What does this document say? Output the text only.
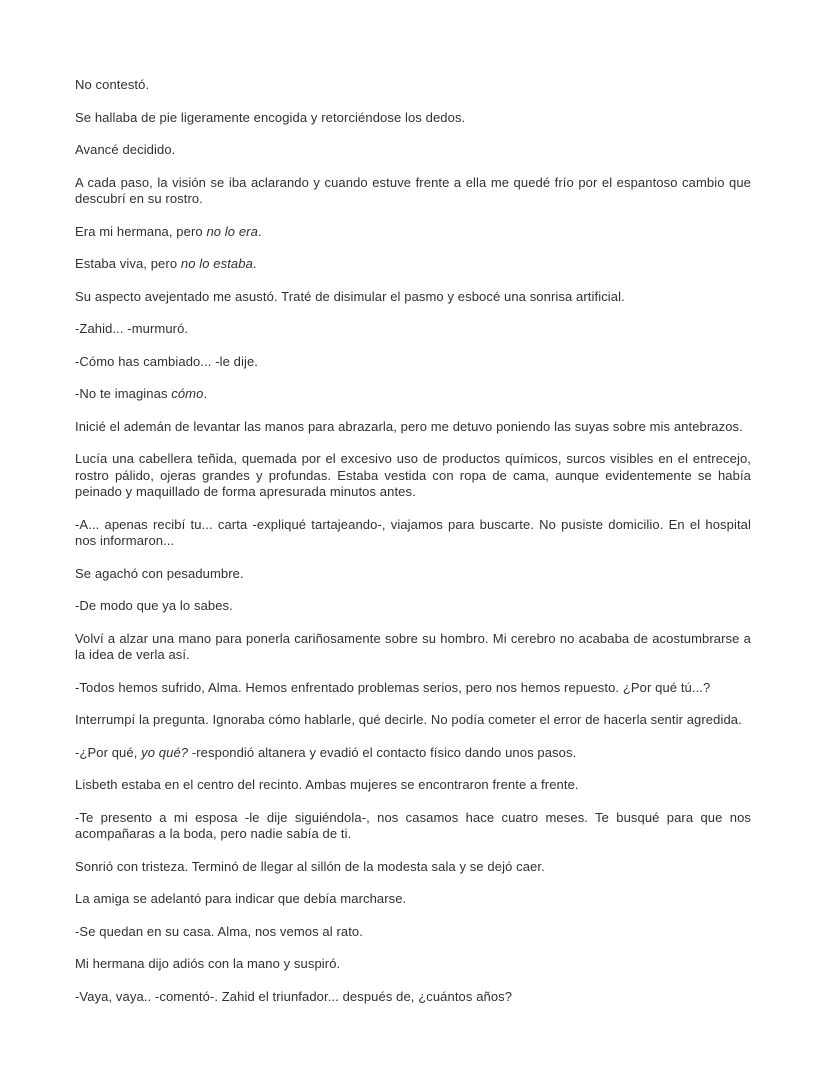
No contestó.

Se hallaba de pie ligeramente encogida y retorciéndose los dedos.

Avancé decidido.

A cada paso, la visión se iba aclarando y cuando estuve frente a ella me quedé frío por el espantoso cambio que descubrí en su rostro.

Era mi hermana, pero no lo era.

Estaba viva, pero no lo estaba.

Su aspecto avejentado me asustó. Traté de disimular el pasmo y esbocé una sonrisa artificial.

-Zahid... -murmuró.

-Cómo has cambiado... -le dije.

-No te imaginas cómo.

Inicié el ademán de levantar las manos para abrazarla, pero me detuvo poniendo las suyas sobre mis antebrazos.

Lucía una cabellera teñida, quemada por el excesivo uso de productos químicos, surcos visibles en el entrecejo, rostro pálido, ojeras grandes y profundas. Estaba vestida con ropa de cama, aunque evidentemente se había peinado y maquillado de forma apresurada minutos antes.

-A... apenas recibí tu... carta -expliqué tartajeando-, viajamos para buscarte. No pusiste domicilio. En el hospital nos informaron...

Se agachó con pesadumbre.

-De modo que ya lo sabes.

Volví a alzar una mano para ponerla cariñosamente sobre su hombro. Mi cerebro no acababa de acostumbrarse a la idea de verla así.

-Todos hemos sufrido, Alma. Hemos enfrentado problemas serios, pero nos hemos repuesto. ¿Por qué tú...?

Interrumpí la pregunta. Ignoraba cómo hablarle, qué decirle. No podía cometer el error de hacerla sentir agredida.

-¿Por qué, yo qué? -respondió altanera y evadió el contacto físico dando unos pasos.

Lisbeth estaba en el centro del recinto. Ambas mujeres se encontraron frente a frente.

-Te presento a mi esposa -le dije siguiéndola-, nos casamos hace cuatro meses. Te busqué para que nos acompañaras a la boda, pero nadie sabía de ti.

Sonrió con tristeza. Terminó de llegar al sillón de la modesta sala y se dejó caer.

La amiga se adelantó para indicar que debía marcharse.

-Se quedan en su casa. Alma, nos vemos al rato.

Mi hermana dijo adiós con la mano y suspiró.

-Vaya, vaya.. -comentó-. Zahid el triunfador... después de, ¿cuántos años?
